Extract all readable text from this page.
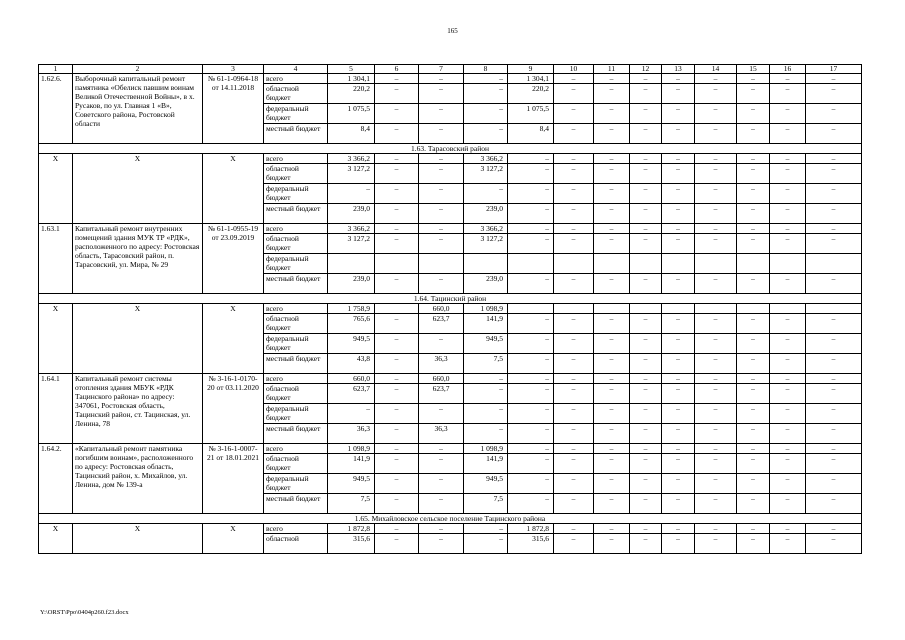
165
1	2	3	4	5	6	7	8	9	10	11	12	13	14	15	16	17
1.62.6.	Выборочный капитальный ремонт памятника «Обелиск павшим воинам Великой Отечественной Войны», в х. Русаков, по ул. Главная 1 «В», Советского района, Ростовской области	№ 61-1-0964-18 от 14.11.2018	всего	1 304,1	–	–	–	1 304,1	–	–	–	–	–	–	–	–
			областной бюджет	220,2	–	–	–	220,2	–	–	–	–	–	–	–	–
			федеральный бюджет	1 075,5	–	–	–	1 075,5	–	–	–	–	–	–	–	–
			местный бюджет	8,4	–	–	–	8,4	–	–	–	–	–	–	–	–
1.63. Тарасовский район																
Х	Х	Х	всего	3 366,2	–	–	3 366,2	–	–	–	–	–	–	–	–	–
			областной бюджет	3 127,2	–	–	3 127,2	–	–	–	–	–	–	–	–	–
			федеральный бюджет	–	–	–	–	–	–	–	–	–	–	–	–	–
			местный бюджет	239,0	–	–	239,0	–	–	–	–	–	–	–	–	–
1.63.1	Капитальный ремонт внутренних помещений здания МУК ТР «РДК», расположенного по адресу: Ростовская область, Тарасовский район, п. Тарасовский, ул. Мира, № 29	№ 61-1-0955-19 от 23.09.2019	всего	3 366,2	–	–	3 366,2	–	–	–	–	–	–	–	–	–
			областной бюджет	3 127,2	–	–	3 127,2	–	–	–	–	–	–	–	–	–
			федеральный бюджет													
			местный бюджет	239,0	–	–	239,0	–	–	–	–	–	–	–	–	–
1.64. Тацинский район																
Х	Х	Х	всего	1 758,9		660,0	1 098,9									
			областной бюджет	765,6	–	623,7	141,9	–	–	–	–	–	–	–	–	–
			федеральный бюджет	949,5	–	–	949,5	–	–	–	–	–	–	–	–	–
			местный бюджет	43,8	–	36,3	7,5	–	–	–	–	–	–	–	–	–
1.64.1	Капитальный ремонт системы отопления здания МБУК «РДК Тацинского района» по адресу: 347061, Ростовская область, Тацинский район, ст. Тацинская, ул. Ленина, 78	№ 3-16-1-0170-20 от 03.11.2020	всего	660,0	–	660,0	–	–	–	–	–	–	–	–	–	–
			областной бюджет	623,7	–	623,7	–	–	–	–	–	–	–	–	–	–
			федеральный бюджет	–	–	–	–	–	–	–	–	–	–	–	–	–
			местный бюджет	36,3	–	36,3	–	–	–	–	–	–	–	–	–	–
1.64.2.	«Капитальный ремонт памятника погибшим воинам», расположенного по адресу: Ростовская область, Тацинский район, х. Михайлов, ул. Ленина, дом № 139-а	№ 3-16-1-0007-21 от 18.01.2021	всего	1 098,9	–	–	1 098,9	–	–	–	–	–	–	–	–	–
			областной бюджет	141,9	–	–	141,9	–	–	–	–	–	–	–	–	–
			федеральный бюджет	949,5	–	–	949,5	–	–	–	–	–	–	–	–	–
			местный бюджет	7,5	–	–	7,5	–	–	–	–	–	–	–	–	–
1.65. Михайловское сельское поселение Тацинского района																
Х	Х	Х	всего	1 872,8	–	–	–	1 872,8	–	–	–	–	–	–	–	–
			областной	315,6	–	–	–	315,6	–	–	–	–	–	–	–	–
Y:\ORST\Ppo\0404p260.f23.docx
